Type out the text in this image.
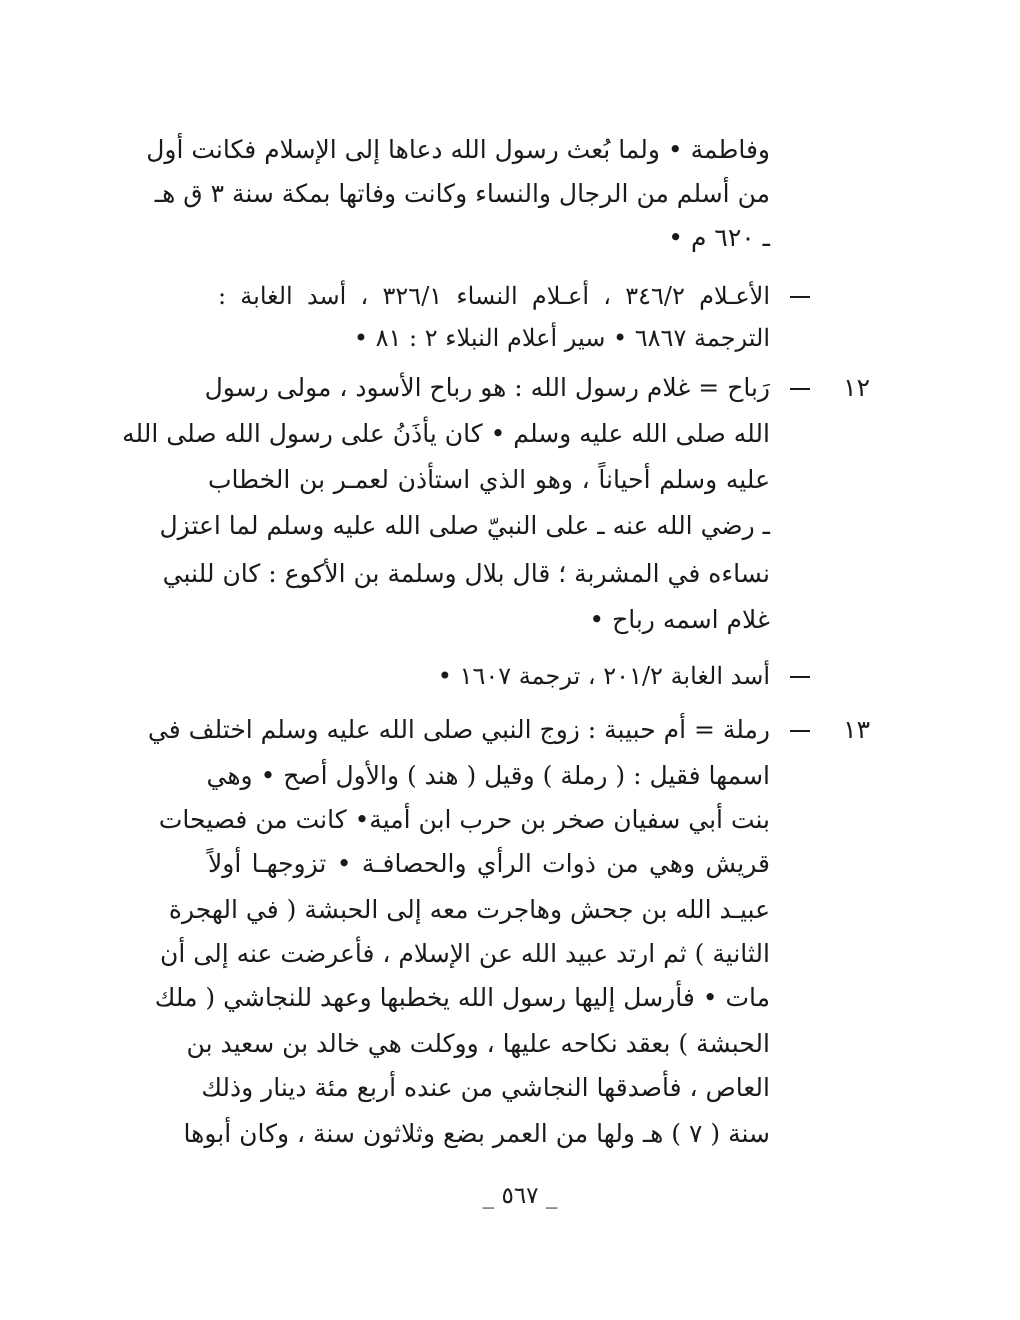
وفاطمة • ولما بُعث رسول الله دعاها إلى الإسلام فكانت أول
من أسلم من الرجال والنساء وكانت وفاتها بمكة سنة ٣ ق هـ
ـ ٦٢٠ م •
الأعـلام ٣٤٦/٢ ، أعـلام النساء ٣٢٦/١ ، أسد الغابة :
الترجمة ٦٨٦٧ • سير أعلام النبلاء ٢ : ٨١ •
١٢
رَباح = غلام رسول الله : هو رباح الأسود ، مولى رسول
الله صلى الله عليه وسلم • كان يأذَنُ على رسول الله صلى الله
عليه وسلم أحياناً ، وهو الذي استأذن لعمـر بن الخطاب
ـ رضي الله عنه ـ على النبيّ صلى الله عليه وسلم لما اعتزل
نساءه في المشربة ؛ قال بلال وسلمة بن الأكوع : كان للنبي
غلام اسمه رباح •
أسد الغابة ٢٠١/٢ ، ترجمة ١٦٠٧ •
١٣
رملة = أم حبيبة : زوج النبي صلى الله عليه وسلم اختلف في
اسمها فقيل : ( رملة ) وقيل ( هند ) والأول أصح • وهي
بنت أبي سفيان صخر بن حرب ابن أمية• كانت من فصيحات
قريش وهي من ذوات الرأي والحصافـة • تزوجهـا أولاً
عبيـد الله بن جحش وهاجرت معه إلى الحبشة ( في الهجرة
الثانية ) ثم ارتد عبيد الله عن الإسلام ، فأعرضت عنه إلى أن
مات • فأرسل إليها رسول الله يخطبها وعهد للنجاشي ( ملك
الحبشة ) بعقد نكاحه عليها ، ووكلت هي خالد بن سعيد بن
العاص ، فأصدقها النجاشي من عنده أربع مئة دينار وذلك
سنة ( ٧ ) هـ ولها من العمر بضع وثلاثون سنة ، وكان أبوها
_ ٥٦٧ _
